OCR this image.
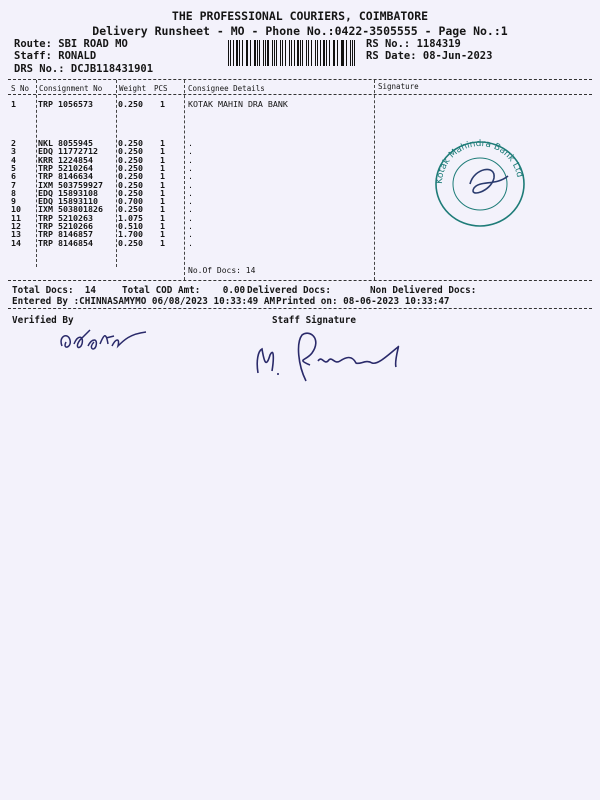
THE PROFESSIONAL COURIERS, COIMBATORE
Delivery Runsheet - MO - Phone No.:0422-3505555 - Page No.:1
Route: SBI ROAD MO
Staff: RONALD
DRS No.: DCJB118431901
RS No.: 1184319
RS Date: 08-Jun-2023
S No Consignment No Weight PCS	Consignee Details	Signature
1	TRP 1056573	0.250 1	KOTAK MAHIN DRA BANK
2	NKL 8055945	0.250 1	.
3	EDQ 11772712 0.250 1	.
4	KRR 1224854	0.250 1	.
5	TRP 5210264	0.250 1	.
6	TRP 8146634	0.250 1	.
7	IXM 503759927 0.250 1	.
8	EDQ 15893108 0.250 1	.
9	EDQ 15893110 0.700 1	.
10 IXM 503801826 0.250 1	.
11 TRP 5210263	1.075 1	.
12 TRP 5210266	0.510 1	.
13 TRP 8146857	1.700 1	.
14 TRP 8146854	0.250 1	.
No.Of Docs: 14
Kotak Mahindra Bank Ltd
Total Docs:  14	Total COD Amt:    0.00 Delivered Docs:	Non Delivered Docs:
Entered By :CHINNASAMYMO 06/08/2023 10:33:49 AM Printed on: 08-06-2023 10:33:47
Verified By	Staff Signature
